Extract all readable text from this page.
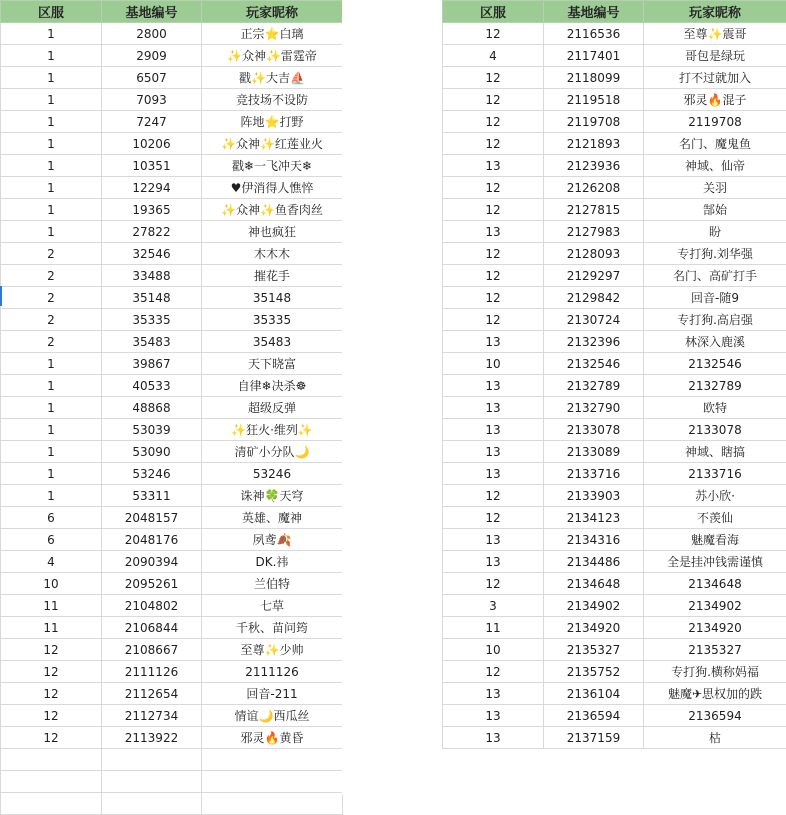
区服	基地编号	玩家昵称
1	2800	正宗⭐白璃
1	2909	✨众神✨雷霆帝
1	6507	戳✨大吉⛵
1	7093	竞技场不设防
1	7247	阵地⭐打野
1	10206	✨众神✨红莲业火
1	10351	戳❄一飞冲天❄
1	12294	♥伊消得人憔悴
1	19365	✨众神✨鱼香肉丝
1	27822	神也疯狂
2	32546	木木木
2	33488	摧花手
2	35148	35148
2	35335	35335
2	35483	35483
1	39867	天下晓富
1	40533	自律❄决杀☸
1	48868	超级反弹
1	53039	✨狂火·维列✨
1	53090	清矿小分队🌙
1	53246	53246
1	53311	诛神🍀天穹
6	2048157	英雄、魔神
6	2048176	夙鸢🍂
4	2090394	DK.祎
10	2095261	兰伯特
11	2104802	七草
11	2106844	千秋、苗问筠
12	2108667	至尊✨少帅
12	2111126	2111126
12	2112654	回音-211
12	2112734	情谊🌙西瓜丝
12	2113922	邪灵🔥黄昏

区服	基地编号	玩家昵称
12	2116536	至尊✨震哥
4	2117401	哥包是绿玩
12	2118099	打不过就加入
12	2119518	邪灵🔥混子
12	2119708	2119708
12	2121893	名门、魔鬼鱼
13	2123936	神域、仙帝
12	2126208	关羽
12	2127815	郜始
13	2127983	盼
12	2128093	专打狗.刘华强
12	2129297	名门、高矿打手
12	2129842	回音-随9
12	2130724	专打狗.高启强
13	2132396	林深入鹿溪
10	2132546	2132546
13	2132789	2132789
13	2132790	欧特
13	2133078	2133078
13	2133089	神域、瞎搞
13	2133716	2133716
12	2133903	苏小欣·
12	2134123	不羡仙
13	2134316	魅魔看海
13	2134486	全是挂冲钱需谨慎
12	2134648	2134648
3	2134902	2134902
11	2134920	2134920
10	2135327	2135327
12	2135752	专打狗.横称妈福
13	2136104	魅魔✈思权加的跌
13	2136594	2136594
13	2137159	枯
